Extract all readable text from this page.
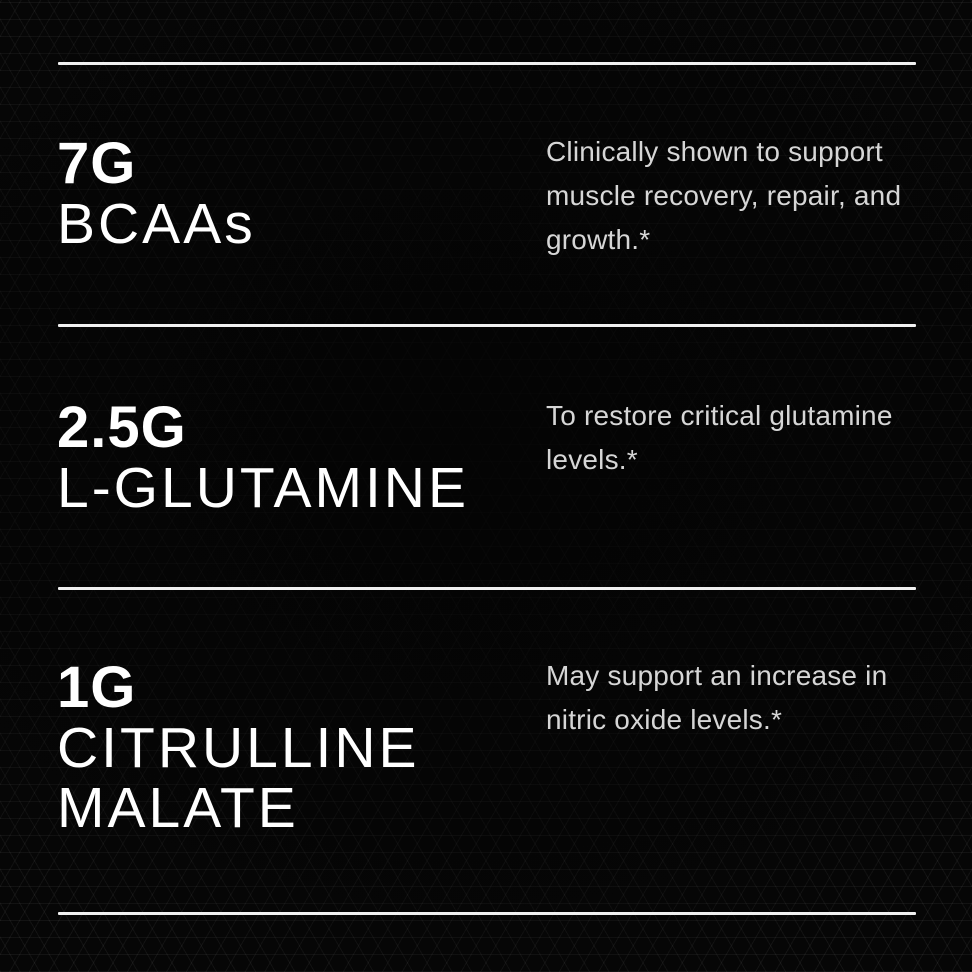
7G
BCAAs

Clinically shown to support muscle recovery, repair, and growth.*

2.5G
L-GLUTAMINE

To restore critical glutamine levels.*

1G
CITRULLINE MALATE

May support an increase in nitric oxide levels.*
